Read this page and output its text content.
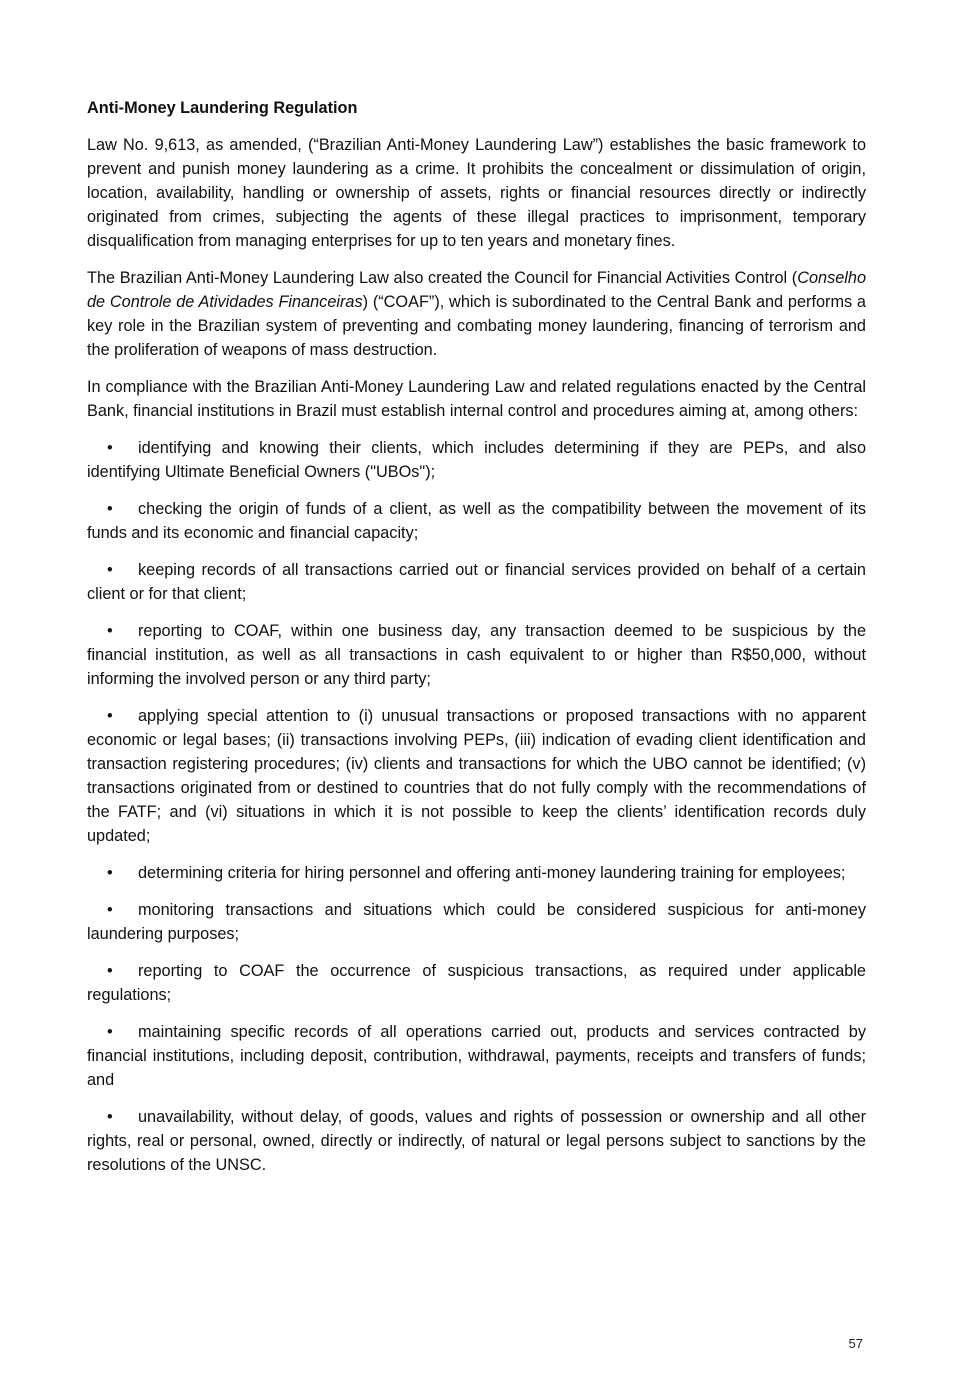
Anti-Money Laundering Regulation

Law No. 9,613, as amended, (“Brazilian Anti-Money Laundering Law”) establishes the basic framework to prevent and punish money laundering as a crime. It prohibits the concealment or dissimulation of origin, location, availability, handling or ownership of assets, rights or financial resources directly or indirectly originated from crimes, subjecting the agents of these illegal practices to imprisonment, temporary disqualification from managing enterprises for up to ten years and monetary fines.

The Brazilian Anti-Money Laundering Law also created the Council for Financial Activities Control (Conselho de Controle de Atividades Financeiras) (“COAF”), which is subordinated to the Central Bank and performs a key role in the Brazilian system of preventing and combating money laundering, financing of terrorism and the proliferation of weapons of mass destruction.

In compliance with the Brazilian Anti-Money Laundering Law and related regulations enacted by the Central Bank, financial institutions in Brazil must establish internal control and procedures aiming at, among others:

• identifying and knowing their clients, which includes determining if they are PEPs, and also identifying Ultimate Beneficial Owners ("UBOs");
• checking the origin of funds of a client, as well as the compatibility between the movement of its funds and its economic and financial capacity;
• keeping records of all transactions carried out or financial services provided on behalf of a certain client or for that client;
• reporting to COAF, within one business day, any transaction deemed to be suspicious by the financial institution, as well as all transactions in cash equivalent to or higher than R$50,000, without informing the involved person or any third party;
• applying special attention to (i) unusual transactions or proposed transactions with no apparent economic or legal bases; (ii) transactions involving PEPs, (iii) indication of evading client identification and transaction registering procedures; (iv) clients and transactions for which the UBO cannot be identified; (v) transactions originated from or destined to countries that do not fully comply with the recommendations of the FATF; and (vi) situations in which it is not possible to keep the clients’ identification records duly updated;
• determining criteria for hiring personnel and offering anti-money laundering training for employees;
• monitoring transactions and situations which could be considered suspicious for anti-money laundering purposes;
• reporting to COAF the occurrence of suspicious transactions, as required under applicable regulations;
• maintaining specific records of all operations carried out, products and services contracted by financial institutions, including deposit, contribution, withdrawal, payments, receipts and transfers of funds; and
• unavailability, without delay, of goods, values and rights of possession or ownership and all other rights, real or personal, owned, directly or indirectly, of natural or legal persons subject to sanctions by the resolutions of the UNSC.
57
